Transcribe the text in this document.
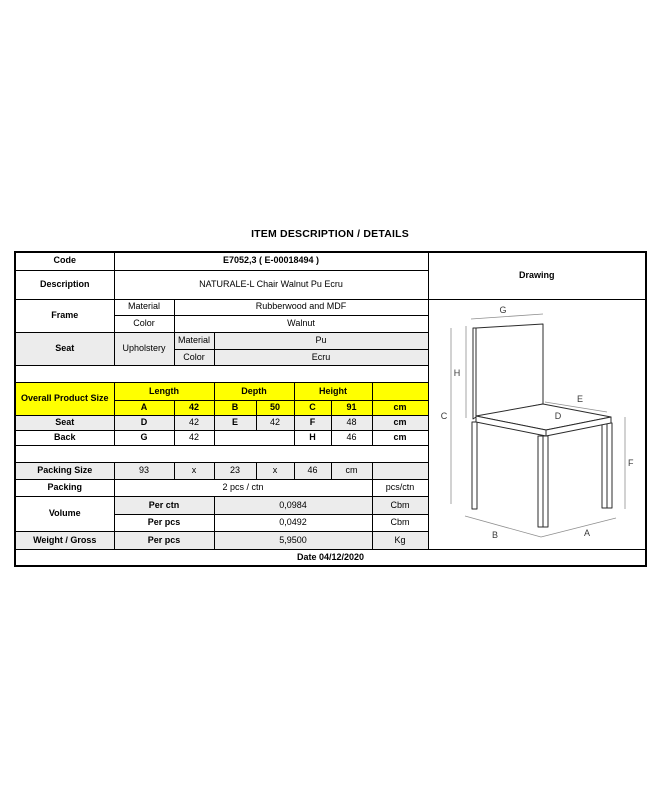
ITEM DESCRIPTION / DETAILS
Code	E7052,3 ( E-00018494 )							Drawing
Description	NATURALE-L Chair Walnut Pu Ecru							
Frame	Material	Rubberwood and MDF	G
H
C
E
D
F
B	A

	Color	Walnut						
Seat	Upholstery	Material	Pu					
		Color	Ecru					

Overall Product Size	Length		Depth		Height			
	A	42	B	50	C	91	cm	
Seat	D	42	E	42	F	48	cm	
Back	G	42			H	46	cm	

Packing Size	93	x	23	x	46	cm		
Packing	2 pcs / ctn						pcs/ctn	
Volume	Per ctn		0,0984				Cbm	
	Per pcs		0,0492				Cbm	
Weight / Gross	Per pcs		5,9500				Kg	
Date 04/12/2020								
